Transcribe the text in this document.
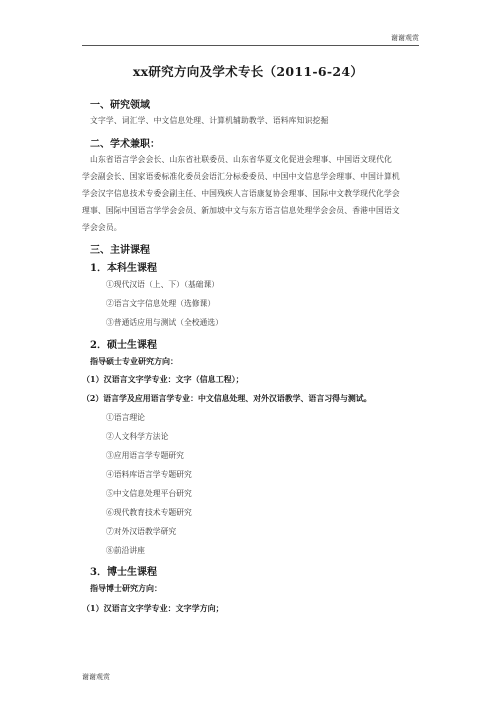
谢谢观赏
xx研究方向及学术专长（2011-6-24）
一、研究领域
文字学、词汇学、中文信息处理、计算机辅助教学、语料库知识挖掘
二、学术兼职：
山东省语言学会会长、山东省社联委员、山东省华夏文化促进会理事、中国语文现代化
学会副会长、国家语委标准化委员会语汇分标委委员、中国中文信息学会理事、中国计算机
学会汉字信息技术专委会副主任、中国残疾人言语康复协会理事、国际中文教学现代化学会
理事、国际中国语言学学会会员、新加坡中文与东方语言信息处理学会会员、香港中国语文
学会会员。
三、主讲课程
1．本科生课程
①现代汉语（上、下）（基础课）
②语言文字信息处理（选修课）
③普通话应用与测试（全校通选）
2．硕士生课程
指导硕士专业研究方向：
（1）汉语言文字学专业：文字（信息工程）；
（2）语言学及应用语言学专业：中文信息处理、对外汉语教学、语言习得与测试。
①语言理论
②人文科学方法论
③应用语言学专题研究
④语料库语言学专题研究
⑤中文信息处理平台研究
⑥现代教育技术专题研究
⑦对外汉语教学研究
⑧前沿讲座
3．博士生课程
指导博士研究方向：
（1）汉语言文字学专业：文字学方向；
谢谢观赏
